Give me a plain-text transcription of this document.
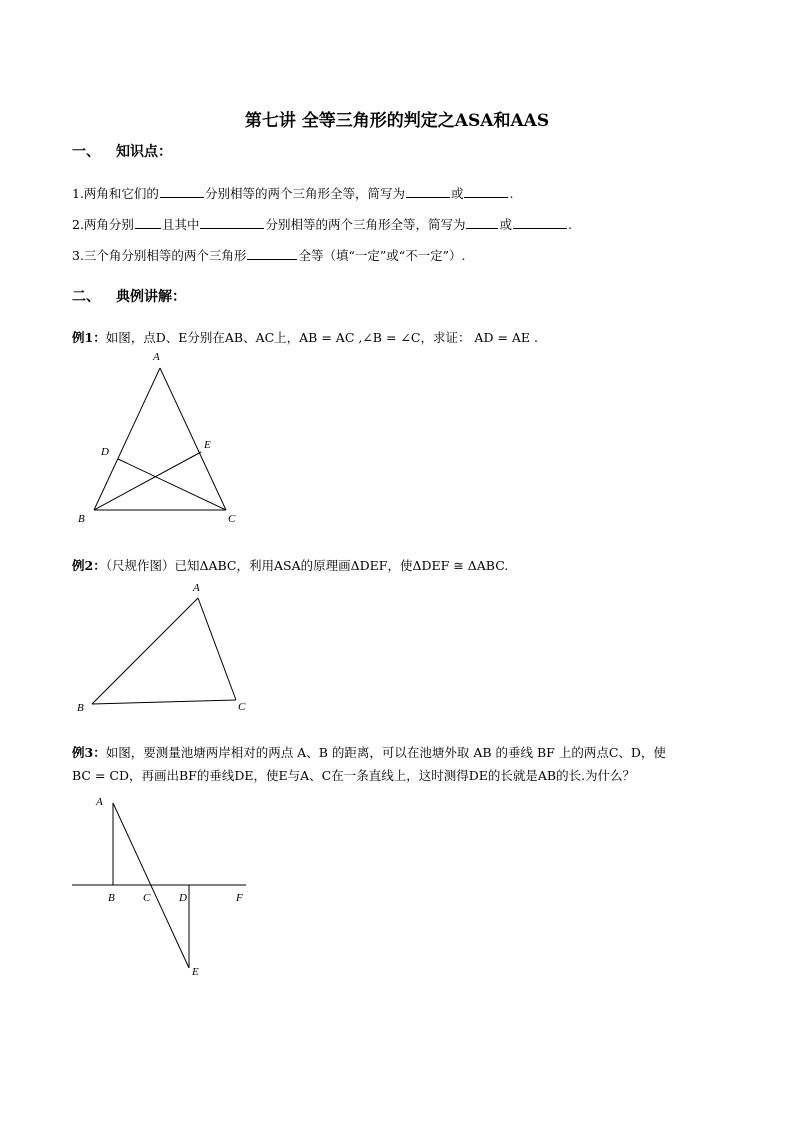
第七讲 全等三角形的判定之ASA和AAS
一、 知识点：
1.两角和它们的	分别相等的两个三角形全等，简写为	或	.
2.两角分别 且其中	分别相等的两个三角形全等，简写为	或	.
3.三个角分别相等的两个三角形	全等（填“一定”或“不一定”）.
二、 典例讲解：
例1：如图，点D、E分别在AB、AC上，AB = AC ,∠B = ∠C，求证： AD = AE .
A
D
E
B	C
A
B	C
A
B	C	D	F
E
例2：（尺规作图）已知ΔABC，利用ASA的原理画ΔDEF，使ΔDEF ≅ ΔABC.
例3：如图，要测量池塘两岸相对的两点 A、B 的距离，可以在池塘外取 AB 的垂线 BF 上的两点C、D，使
BC = CD，再画出BF的垂线DE，使E与A、C在一条直线上，这时测得DE的长就是AB的长.为什么？
